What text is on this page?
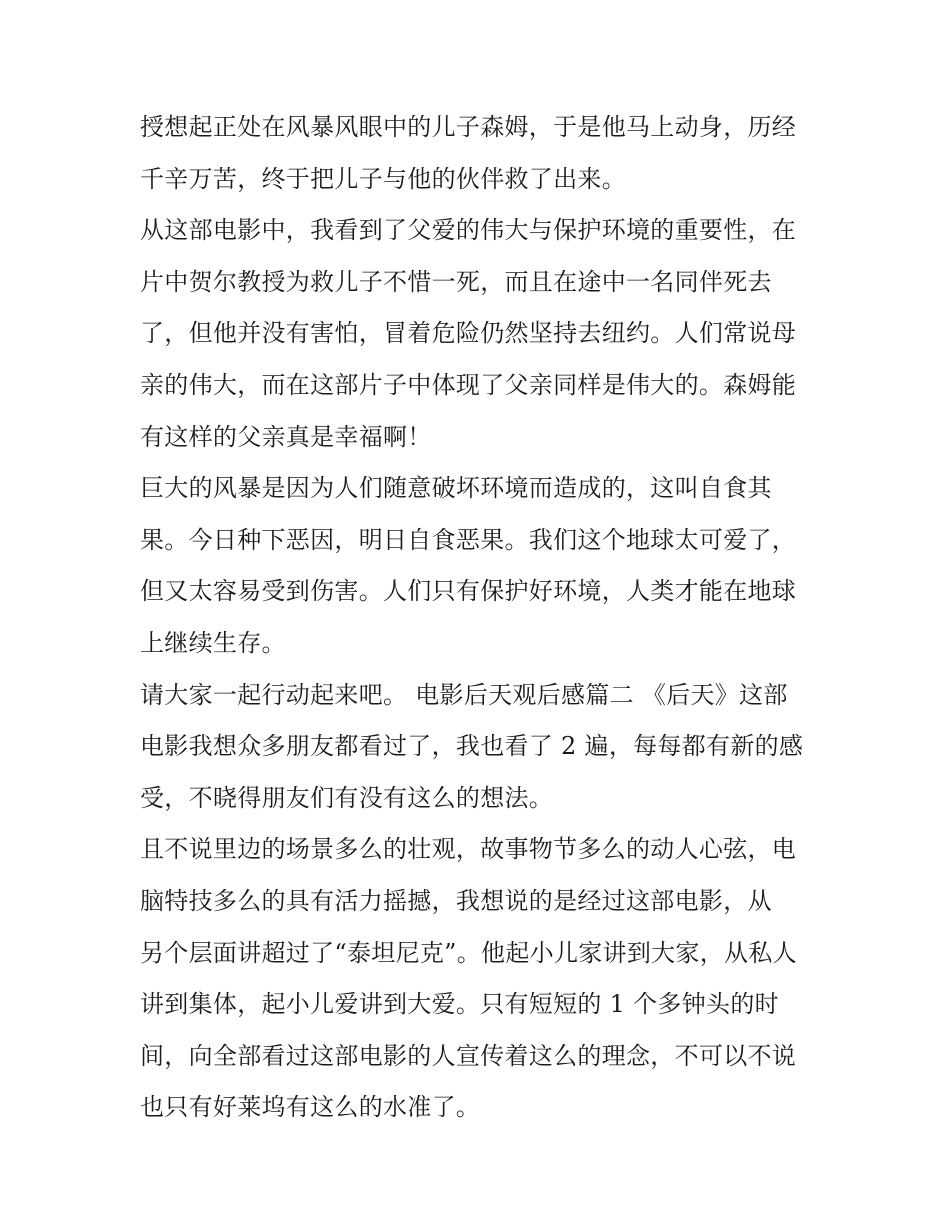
授想起正处在风暴风眼中的儿子森姆，于是他马上动身，历经
千辛万苦，终于把儿子与他的伙伴救了出来。
从这部电影中，我看到了父爱的伟大与保护环境的重要性，在
片中贺尔教授为救儿子不惜一死，而且在途中一名同伴死去
了，但他并没有害怕，冒着危险仍然坚持去纽约。人们常说母
亲的伟大，而在这部片子中体现了父亲同样是伟大的。森姆能
有这样的父亲真是幸福啊！
巨大的风暴是因为人们随意破坏环境而造成的，这叫自食其
果。今日种下恶因，明日自食恶果。我们这个地球太可爱了，
但又太容易受到伤害。人们只有保护好环境，人类才能在地球
上继续生存。
请大家一起行动起来吧。 电影后天观后感篇二 《后天》这部
电影我想众多朋友都看过了，我也看了 2 遍，每每都有新的感
受，不晓得朋友们有没有这么的想法。
且不说里边的场景多么的壮观，故事物节多么的动人心弦，电
脑特技多么的具有活力摇撼，我想说的是经过这部电影，从
另个层面讲超过了“泰坦尼克”。他起小儿家讲到大家，从私人
讲到集体，起小儿爱讲到大爱。只有短短的 1 个多钟头的时
间，向全部看过这部电影的人宣传着这么的理念，不可以不说
也只有好莱坞有这么的水准了。
